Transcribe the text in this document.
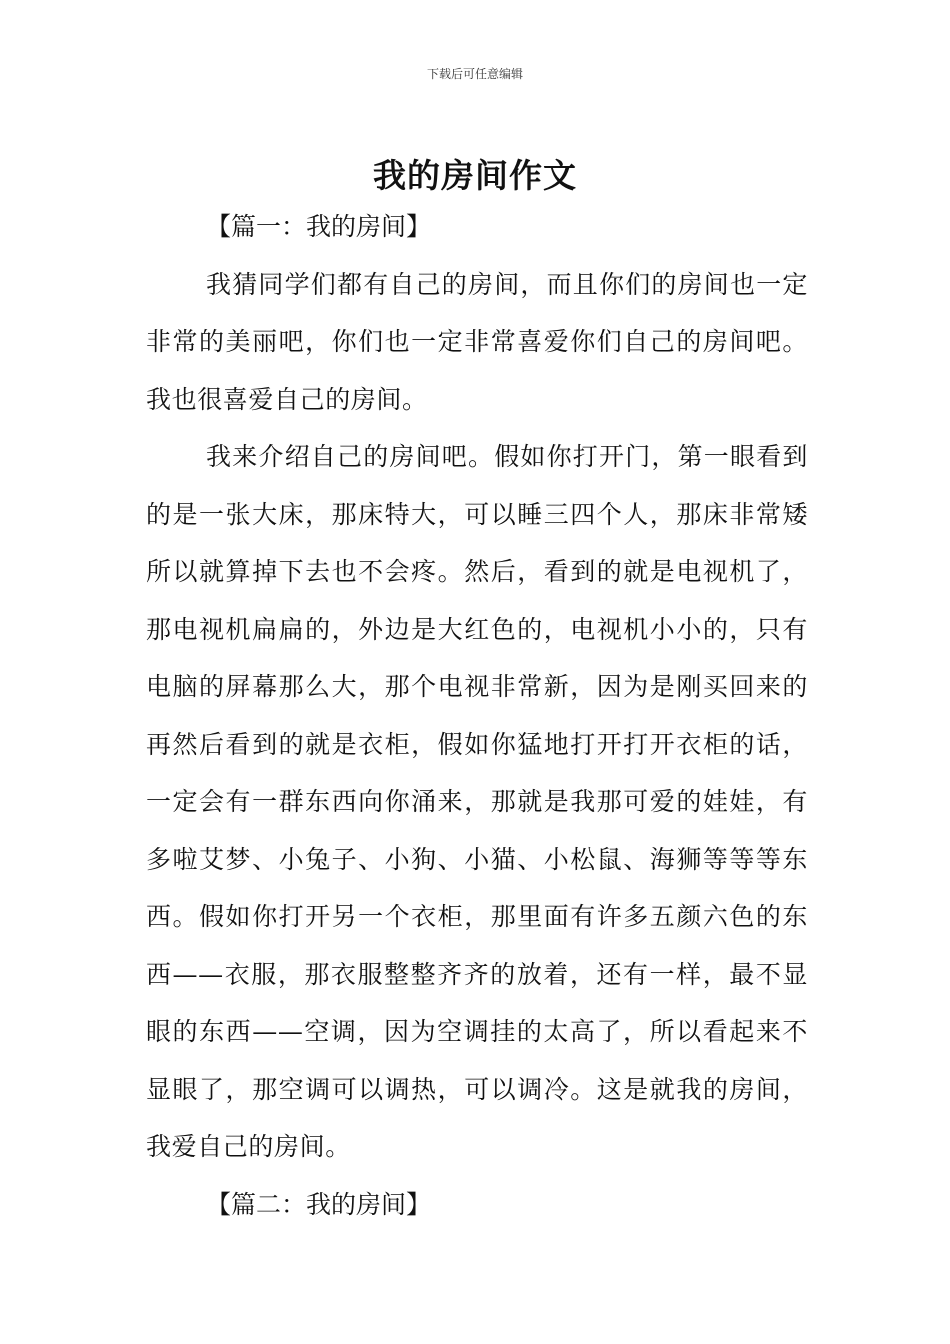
下载后可任意编辑
我的房间作文

【篇一：我的房间】

我猜同学们都有自己的房间，而且你们的房间也一定非常的美丽吧，你们也一定非常喜爱你们自己的房间吧。我也很喜爱自己的房间。

我来介绍自己的房间吧。假如你打开门，第一眼看到的是一张大床，那床特大，可以睡三四个人，那床非常矮所以就算掉下去也不会疼。然后，看到的就是电视机了，那电视机扁扁的，外边是大红色的，电视机小小的，只有电脑的屏幕那么大，那个电视非常新，因为是刚买回来的再然后看到的就是衣柜，假如你猛地打开打开衣柜的话，一定会有一群东西向你涌来，那就是我那可爱的娃娃，有多啦艾梦、小兔子、小狗、小猫、小松鼠、海狮等等等东西。假如你打开另一个衣柜，那里面有许多五颜六色的东西——衣服，那衣服整整齐齐的放着，还有一样，最不显眼的东西——空调，因为空调挂的太高了，所以看起来不显眼了，那空调可以调热，可以调冷。这是就我的房间，我爱自己的房间。

【篇二：我的房间】
